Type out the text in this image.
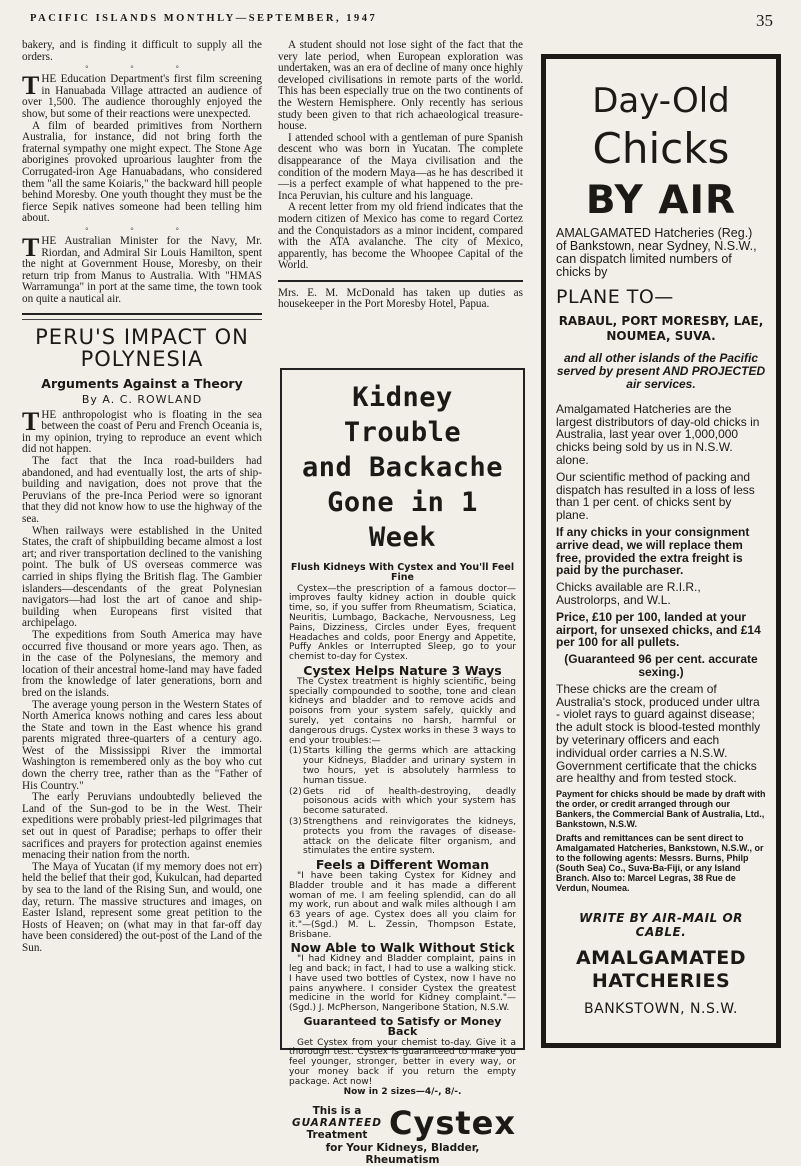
PACIFIC ISLANDS MONTHLY—SEPTEMBER, 1947	35

bakery, and is finding it difficult to supply all the orders.

° ° °

THE Education Department's first film screening in Hanuabada Village attracted an audience of over 1,500. The audience thoroughly enjoyed the show, but some of their reactions were unexpected.

A film of bearded primitives from Northern Australia, for instance, did not bring forth the fraternal sympathy one might expect. The Stone Age aborigines provoked uproarious laughter from the Corrugated-iron Age Hanuabadans, who considered them "all the same Koiaris," the backward hill people behind Moresby. One youth thought they must be the fierce Sepik natives someone had been telling him about.

° ° °

THE Australian Minister for the Navy, Mr. Riordan, and Admiral Sir Louis Hamilton, spent the night at Government House, Moresby, on their return trip from Manus to Australia. With "HMAS Warramunga" in port at the same time, the town took on quite a nautical air.

PERU'S IMPACT ON POLYNESIA
Arguments Against a Theory
By A. C. ROWLAND

THE anthropologist who is floating in the sea between the coast of Peru and French Oceania is, in my opinion, trying to reproduce an event which did not happen.

The fact that the Inca road-builders had abandoned, and had eventually lost, the arts of ship-building and navigation, does not prove that the Peruvians of the pre-Inca Period were so ignorant that they did not know how to use the highway of the sea.

When railways were established in the United States, the craft of shipbuilding became almost a lost art; and river transportation declined to the vanishing point. The bulk of US overseas commerce was carried in ships flying the British flag. The Gambier islanders—descendants of the great Polynesian navigators—had lost the art of canoe and ship-building when Europeans first visited that archipelago.

The expeditions from South America may have occurred five thousand or more years ago. Then, as in the case of the Polynesians, the memory and location of their ancestral home-land may have faded from the knowledge of later generations, born and bred on the islands.

The average young person in the Western States of North America knows nothing and cares less about the State and town in the East whence his grand parents migrated three-quarters of a century ago. West of the Mississippi River the immortal Washington is remembered only as the boy who cut down the cherry tree, rather than as the "Father of His Country."

The early Peruvians undoubtedly believed the Land of the Sun-god to be in the West. Their expeditions were probably priest-led pilgrimages that set out in quest of Paradise; perhaps to offer their sacrifices and prayers for protection against enemies menacing their nation from the north.

The Maya of Yucatan (if my memory does not err) held the belief that their god, Kukulcan, had departed by sea to the land of the Rising Sun, and would, one day, return. The massive structures and images, on Easter Island, represent some great petition to the Hosts of Heaven; on (what may in that far-off day have been considered) the out-post of the Land of the Sun.

A student should not lose sight of the fact that the very late period, when European exploration was undertaken, was an era of decline of many once highly developed civilisations in remote parts of the world. This has been especially true on the two continents of the Western Hemisphere. Only recently has serious study been given to that rich achaeological treasure-house.

I attended school with a gentleman of pure Spanish descent who was born in Yucatan. The complete disappearance of the Maya civilisation and the condition of the modern Maya—as he has described it—is a perfect example of what happened to the pre-Inca Peruvian, his culture and his language.

A recent letter from my old friend indicates that the modern citizen of Mexico has come to regard Cortez and the Conquistadors as a minor incident, compared with the ATA avalanche. The city of Mexico, apparently, has become the Whoopee Capital of the World.

Mrs. E. M. McDonald has taken up duties as housekeeper in the Port Moresby Hotel, Papua.

Kidney Trouble
and Backache
Gone in 1 Week
Flush Kidneys With Cystex and You'll Feel Fine

Cystex—the prescription of a famous doctor—improves faulty kidney action in double quick time, so, if you suffer from Rheumatism, Sciatica, Neuritis, Lumbago, Backache, Nervousness, Leg Pains, Dizziness, Circles under Eyes, frequent Headaches and colds, poor Energy and Appetite, Puffy Ankles or Interrupted Sleep, go to your chemist to-day for Cystex.

Cystex Helps Nature 3 Ways

The Cystex treatment is highly scientific, being specially compounded to soothe, tone and clean kidneys and bladder and to remove acids and poisons from your system safely, quickly and surely, yet contains no harsh, harmful or dangerous drugs. Cystex works in these 3 ways to end your troubles:—

(1) Starts killing the germs which are attacking your Kidneys, Bladder and urinary system in two hours, yet is absolutely harmless to human tissue.
(2) Gets rid of health-destroying, deadly poisonous acids with which your system has become saturated.
(3) Strengthens and reinvigorates the kidneys, protects you from the ravages of disease-attack on the delicate filter organism, and stimulates the entire system.
Feels a Different Woman

"I have been taking Cystex for Kidney and Bladder trouble and it has made a different woman of me. I am feeling splendid, can do all my work, run about and walk miles although I am 63 years of age. Cystex does all you claim for it."—(Sgd.) M. L. Zessin, Thompson Estate, Brisbane.

Now Able to Walk Without Stick

"I had Kidney and Bladder complaint, pains in leg and back; in fact, I had to use a walking stick. I have used two bottles of Cystex, now I have no pains anywhere. I consider Cystex the greatest medicine in the world for Kidney complaint."—(Sgd.) J. McPherson, Nangeribone Station, N.S.W.

Guaranteed to Satisfy or Money Back

Get Cystex from your chemist to-day. Give it a thorough test. Cystex is guaranteed to make you feel younger, stronger, better in every way, or your money back if you return the empty package. Act now!

Now in 2 sizes—4/-, 8/-.
This is a
GUARANTEED
Treatment Cystex
for Your Kidneys, Bladder, Rheumatism
Day-Old
Chicks
BY AIR

AMALGAMATED Hatcheries (Reg.) of Bankstown, near Sydney, N.S.W., can dispatch limited numbers of chicks by

PLANE TO—
RABAUL, PORT MORESBY, LAE, NOUMEA, SUVA.
and all other islands of the Pacific served by present AND PROJECTED air services.

Amalgamated Hatcheries are the largest distributors of day-old chicks in Australia, last year over 1,000,000 chicks being sold by us in N.S.W. alone.

Our scientific method of packing and dispatch has resulted in a loss of less than 1 per cent. of chicks sent by plane.

If any chicks in your consignment arrive dead, we will replace them free, provided the extra freight is paid by the purchaser.

Chicks available are R.I.R., Austrolorps, and W.L.

Price, £10 per 100, landed at your airport, for unsexed chicks, and £14 per 100 for all pullets.

(Guaranteed 96 per cent. accurate sexing.)

These chicks are the cream of Australia's stock, produced under ultra - violet rays to guard against disease; the adult stock is blood-tested monthly by veterinary officers and each individual order carries a N.S.W. Government certificate that the chicks are healthy and from tested stock.

Payment for chicks should be made by draft with the order, or credit arranged through our Bankers, the Commercial Bank of Australia, Ltd., Bankstown, N.S.W.

Drafts and remittances can be sent direct to Amalgamated Hatcheries, Bankstown, N.S.W., or to the following agents: Messrs. Burns, Philp (South Sea) Co., Suva-Ba-Fiji, or any Island Branch. Also to: Marcel Legras, 38 Rue de Verdun, Noumea.

WRITE BY AIR-MAIL OR CABLE.
AMALGAMATED
HATCHERIES
BANKSTOWN, N.S.W.
